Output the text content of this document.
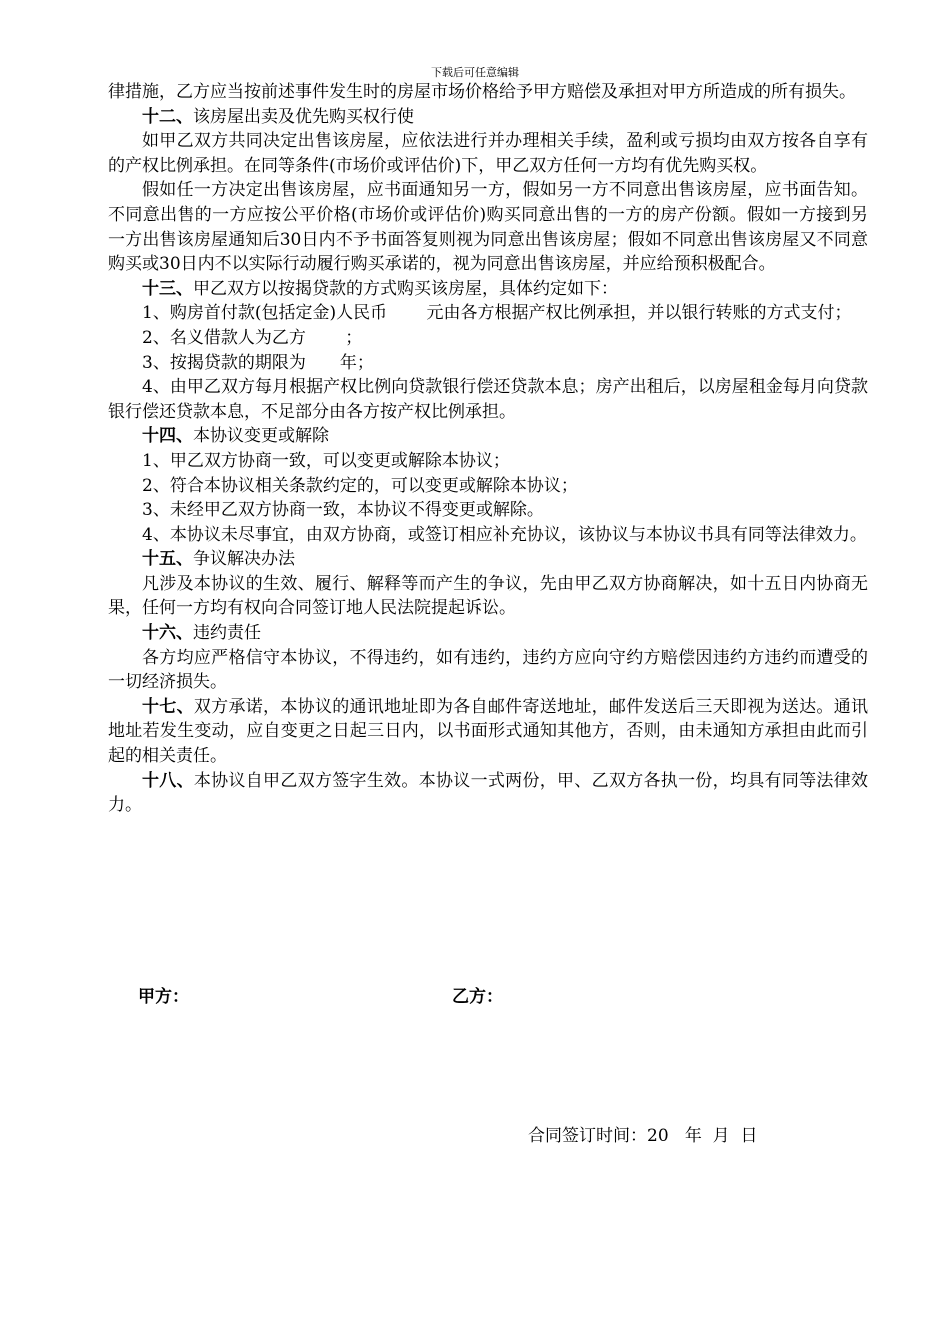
下载后可任意编辑

律措施，乙方应当按前述事件发生时的房屋市场价格给予甲方赔偿及承担对甲方所造成的所有损失。

十二、该房屋出卖及优先购买权行使

如甲乙双方共同决定出售该房屋，应依法进行并办理相关手续，盈利或亏损均由双方按各自享有的产权比例承担。在同等条件(市场价或评估价)下，甲乙双方任何一方均有优先购买权。

假如任一方决定出售该房屋，应书面通知另一方，假如另一方不同意出售该房屋，应书面告知。不同意出售的一方应按公平价格(市场价或评估价)购买同意出售的一方的房产份额。假如一方接到另一方出售该房屋通知后30日内不予书面答复则视为同意出售该房屋；假如不同意出售该房屋又不同意购买或30日内不以实际行动履行购买承诺的，视为同意出售该房屋，并应给预积极配合。

十三、甲乙双方以按揭贷款的方式购买该房屋，具体约定如下：

1、购房首付款(包括定金)人民币　　 元由各方根据产权比例承担，并以银行转账的方式支付；

2、名义借款人为乙方　　 ；

3、按揭贷款的期限为　　年；

4、由甲乙双方每月根据产权比例向贷款银行偿还贷款本息；房产出租后，以房屋租金每月向贷款银行偿还贷款本息，不足部分由各方按产权比例承担。

十四、本协议变更或解除

1、甲乙双方协商一致，可以变更或解除本协议；

2、符合本协议相关条款约定的，可以变更或解除本协议；

3、未经甲乙双方协商一致，本协议不得变更或解除。

4、本协议未尽事宜，由双方协商，或签订相应补充协议，该协议与本协议书具有同等法律效力。

十五、争议解决办法

凡涉及本协议的生效、履行、解释等而产生的争议，先由甲乙双方协商解决，如十五日内协商无果，任何一方均有权向合同签订地人民法院提起诉讼。

十六、违约责任

各方均应严格信守本协议，不得违约，如有违约，违约方应向守约方赔偿因违约方违约而遭受的一切经济损失。

十七、双方承诺，本协议的通讯地址即为各自邮件寄送地址，邮件发送后三天即视为送达。通讯地址若发生变动，应自变更之日起三日内，以书面形式通知其他方，否则，由未通知方承担由此而引起的相关责任。

十八、本协议自甲乙双方签字生效。本协议一式两份，甲、乙双方各执一份，均具有同等法律效力。

甲方：	乙方：
合同签订时间：20   年  月  日
